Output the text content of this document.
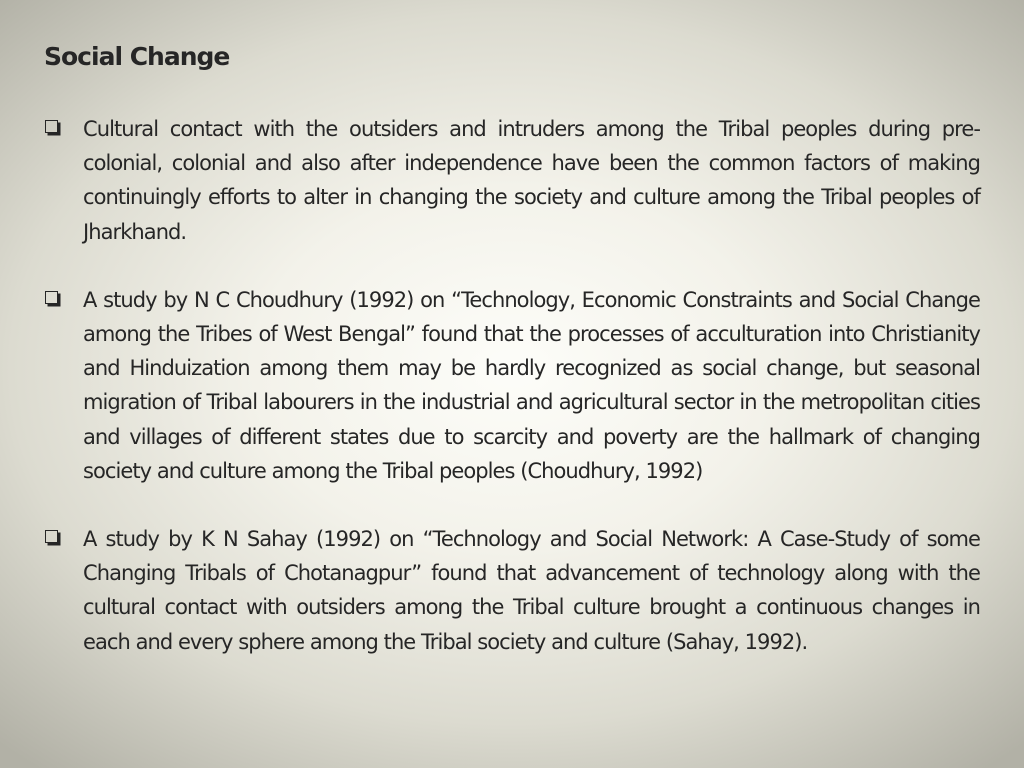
Social Change
Cultural contact with the outsiders and intruders among the Tribal peoples during pre-colonial, colonial and also after independence have been the common factors of making continuingly efforts to alter in changing the society and culture among the Tribal peoples of Jharkhand.
A study by N C Choudhury (1992) on “Technology, Economic Constraints and Social Change among the Tribes of West Bengal” found that the processes of acculturation into Christianity and Hinduization among them may be hardly recognized as social change, but seasonal migration of Tribal labourers in the industrial and agricultural sector in the metropolitan cities and villages of different states due to scarcity and poverty are the hallmark of changing society and culture among the Tribal peoples (Choudhury, 1992)
A study by K N Sahay (1992) on “Technology and Social Network: A Case-Study of some Changing Tribals of Chotanagpur” found that advancement of technology along with the cultural contact with outsiders among the Tribal culture brought a continuous changes in each and every sphere among the Tribal society and culture (Sahay, 1992).
